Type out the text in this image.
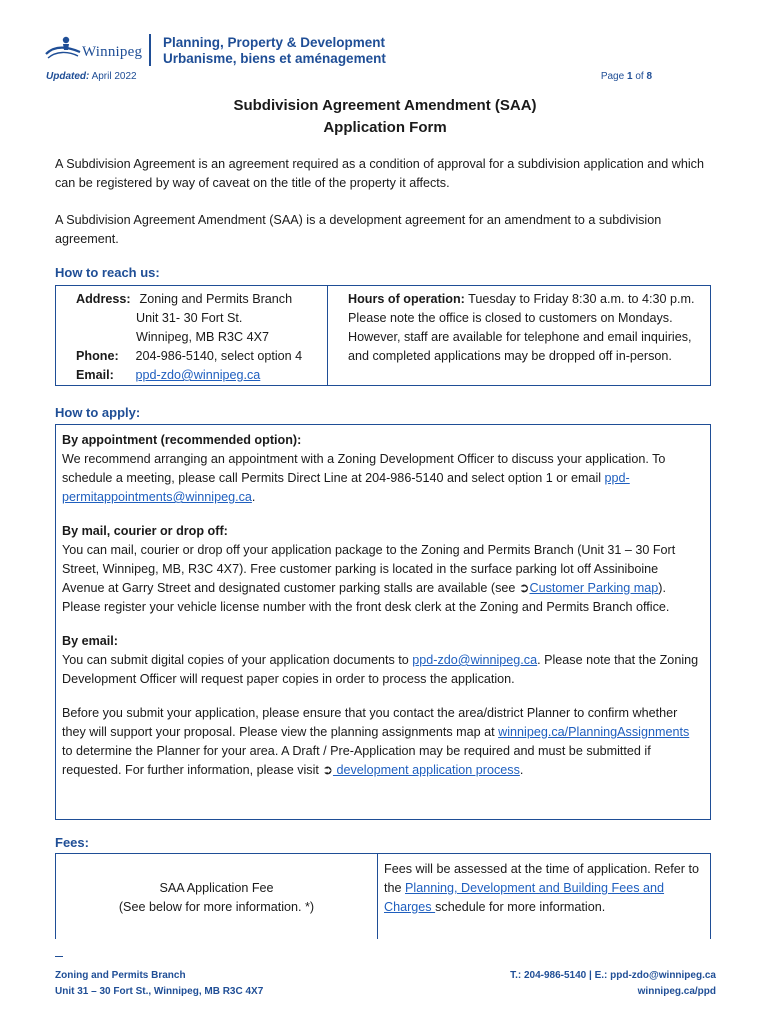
Winnipeg
Planning, Property & Development
Urbanisme, biens et aménagement
Updated: April 2022	Page 1 of 8
Subdivision Agreement Amendment (SAA)
Application Form
A Subdivision Agreement is an agreement required as a condition of approval for a subdivision application and which can be registered by way of caveat on the title of the property it affects.
A Subdivision Agreement Amendment (SAA) is a development agreement for an amendment to a subdivision agreement.
How to reach us:
Address: Zoning and Permits Branch
Unit 31- 30 Fort St.
Winnipeg, MB R3C 4X7
Phone: 204-986-5140, select option 4
Email: ppd-zdo@winnipeg.ca
Hours of operation: Tuesday to Friday 8:30 a.m. to 4:30 p.m. Please note the office is closed to customers on Mondays. However, staff are available for telephone and email inquiries, and completed applications may be dropped off in-person.
How to apply:

By appointment (recommended option):
We recommend arranging an appointment with a Zoning Development Officer to discuss your application. To schedule a meeting, please call Permits Direct Line at 204-986-5140 and select option 1 or email ppd-permitappointments@winnipeg.ca.

By mail, courier or drop off:
You can mail, courier or drop off your application package to the Zoning and Permits Branch (Unit 31 – 30 Fort Street, Winnipeg, MB, R3C 4X7). Free customer parking is located in the surface parking lot off Assiniboine Avenue at Garry Street and designated customer parking stalls are available (see ➲Customer Parking map). Please register your vehicle license number with the front desk clerk at the Zoning and Permits Branch office.

By email:
You can submit digital copies of your application documents to ppd-zdo@winnipeg.ca. Please note that the Zoning Development Officer will request paper copies in order to process the application.

Before you submit your application, please ensure that you contact the area/district Planner to confirm whether they will support your proposal. Please view the planning assignments map at winnipeg.ca/PlanningAssignments to determine the Planner for your area. A Draft / Pre-Application may be required and must be submitted if requested. For further information, please visit ➲ development application process.

Fees:
SAA Application Fee
(See below for more information. *)
Fees will be assessed at the time of application. Refer to the Planning, Development and Building Fees and Charges schedule for more information.
Zoning and Permits Branch
Unit 31 – 30 Fort St., Winnipeg, MB R3C 4X7
T.: 204-986-5140 | E.: ppd-zdo@winnipeg.ca
winnipeg.ca/ppd
